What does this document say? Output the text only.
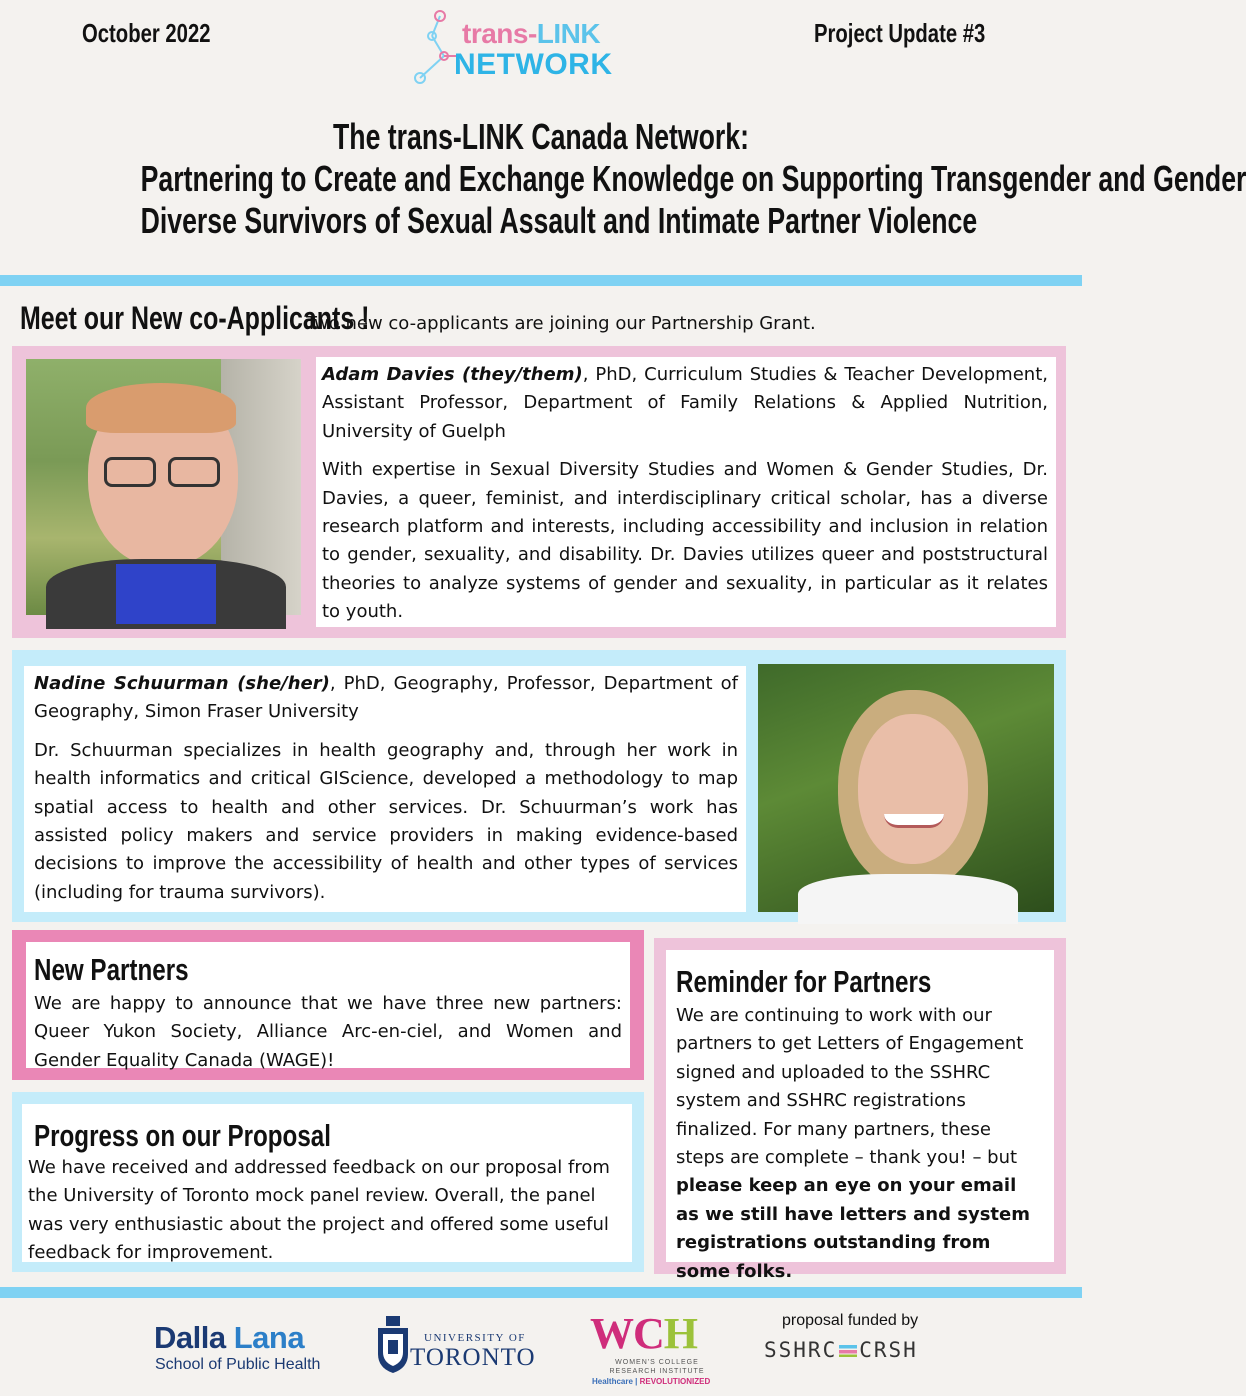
October 2022	trans-LINK
NETWORK
Project Update #3
The trans-LINK Canada Network:
Partnering to Create and Exchange Knowledge on Supporting Transgender and Gender
Diverse Survivors of Sexual Assault and Intimate Partner Violence
Meet our New co-Applicants !
Two new co-applicants are joining our Partnership Grant.

Adam Davies (they/them), PhD, Curriculum Studies & Teacher Development, Assistant Professor, Department of Family Relations & Applied Nutrition, University of Guelph

With expertise in Sexual Diversity Studies and Women & Gender Studies, Dr. Davies, a queer, feminist, and interdisciplinary critical scholar, has a diverse research platform and interests, including accessibility and inclusion in relation to gender, sexuality, and disability. Dr. Davies utilizes queer and poststructural theories to analyze systems of gender and sexuality, in particular as it relates to youth.

Nadine Schuurman (she/her), PhD, Geography, Professor, Department of Geography, Simon Fraser University

Dr. Schuurman specializes in health geography and, through her work in health informatics and critical GIScience, developed a methodology to map spatial access to health and other services. Dr. Schuurman’s work has assisted policy makers and service providers in making evidence-based decisions to improve the accessibility of health and other types of services (including for trauma survivors).

New Partners
We are happy to announce that we have three new partners: Queer Yukon Society, Alliance Arc-en-ciel, and Women and Gender Equality Canada (WAGE)!
Progress on our Proposal
We have received and addressed feedback on our proposal from the University of Toronto mock panel review. Overall, the panel was very enthusiastic about the project and offered some useful feedback for improvement.
Reminder for Partners
We are continuing to work with our partners to get Letters of Engagement signed and uploaded to the SSHRC system and SSHRC registrations finalized. For many partners, these steps are complete – thank you! – but please keep an eye on your email as we still have letters and system registrations outstanding from some folks.
Dalla Lana
School of Public Health
UNIVERSITY OF
TORONTO WCH
WOMEN'S COLLEGE RESEARCH INSTITUTE
Healthcare | REVOLUTIONIZED
proposal funded by
SSHRC CRSH
